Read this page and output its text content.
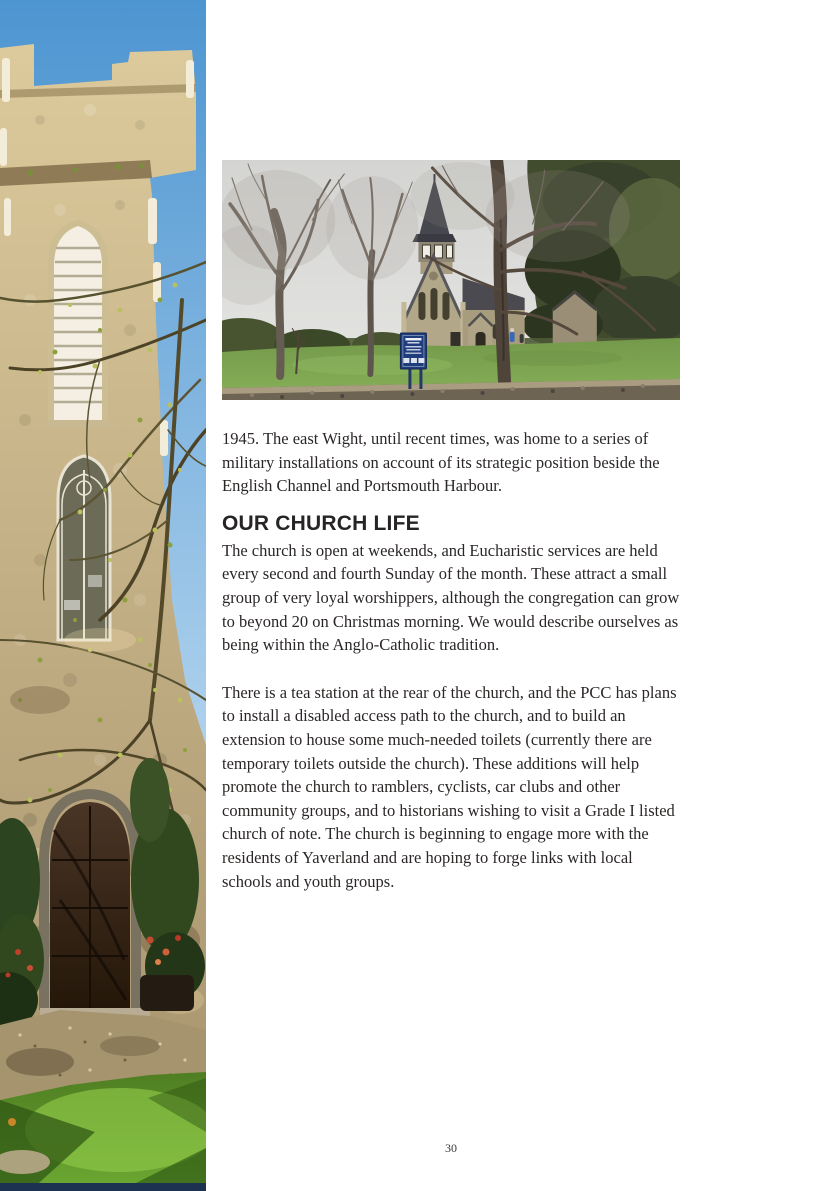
1945. The east Wight, until recent times, was home to a series of military installations on account of its strategic position beside the English Channel and Portsmouth Harbour.

OUR CHURCH LIFE

The church is open at weekends, and Eucharistic services are held every second and fourth Sunday of the month. These attract a small group of very loyal worshippers, although the congregation can grow to beyond 20 on Christmas morning. We would describe ourselves as being within the Anglo-Catholic tradition.

There is a tea station at the rear of the church, and the PCC has plans to install a disabled access path to the church, and to build an extension to house some much-needed toilets (currently there are temporary toilets outside the church). These additions will help promote the church to ramblers, cyclists, car clubs and other community groups, and to historians wishing to visit a Grade I listed church of note. The church is beginning to engage more with the residents of Yaverland and are hoping to forge links with local schools and youth groups.

30
